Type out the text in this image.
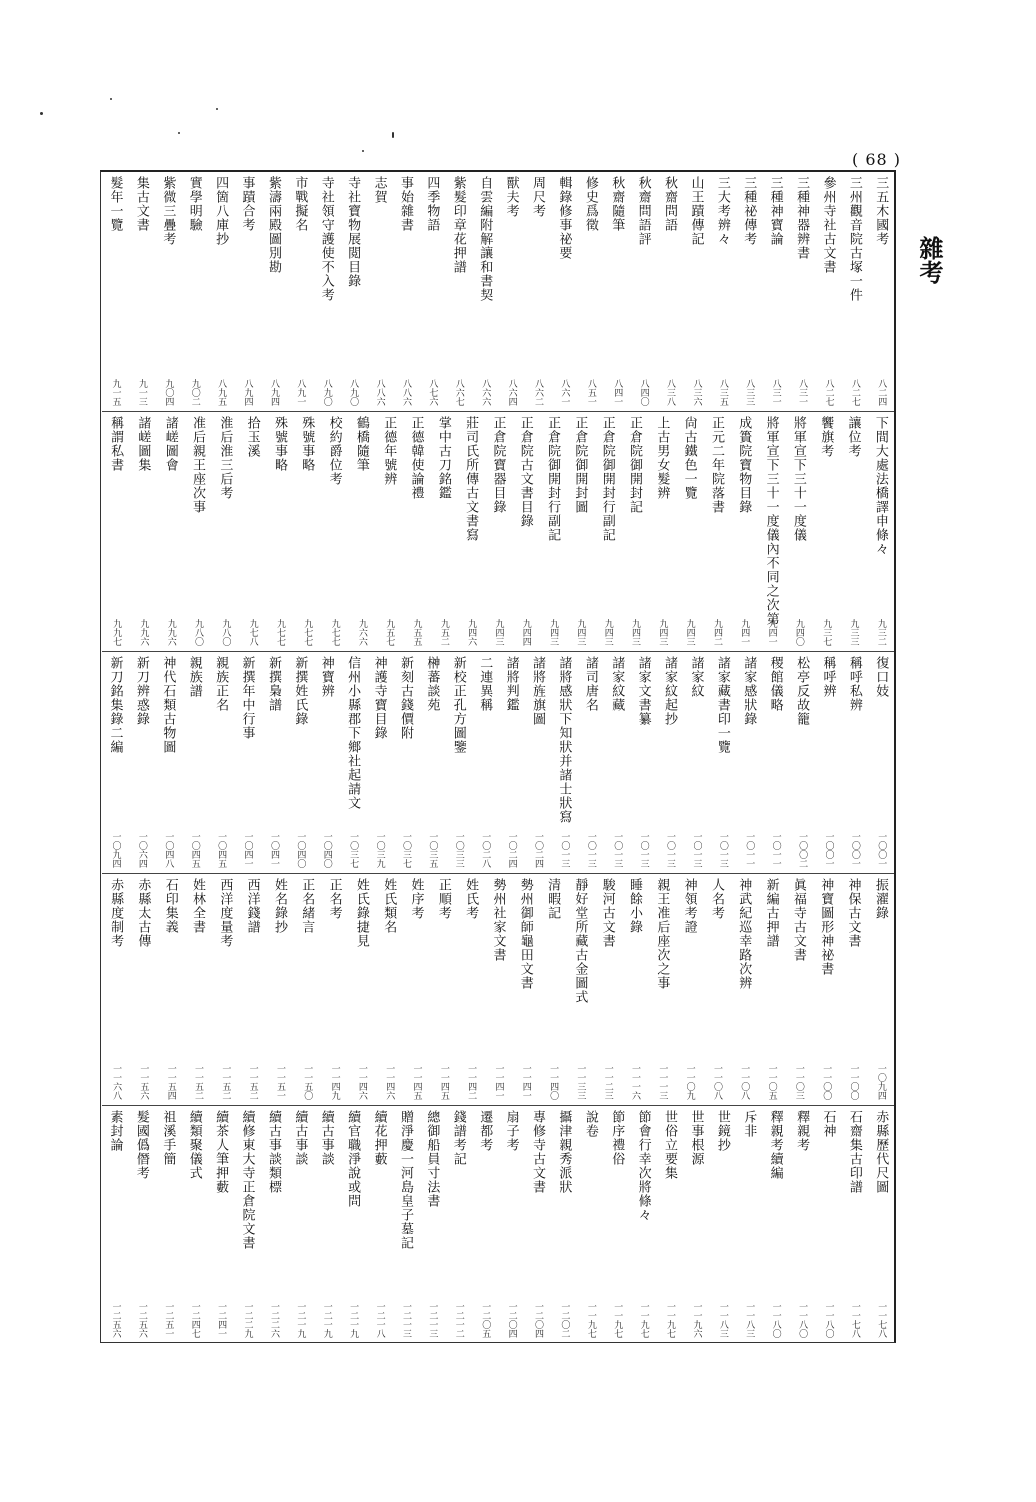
( 68 )
雜考
三五木國考
八二四
三州觀音院古塚一件
八二七
參州寺社古文書
八二七
三種神器辨書
八三一
三種神寶論
八三一
三種祕傳考
八三三
三大考辨々
八三五
山王蹟傳記
八三六
秋齋問語
八三八
秋齋問語評
八四〇
秋齋隨筆
八四一
修史爲徵
八五一
輯錄修事祕要
八六一
周尺考
八六二
獸夫考
八六四
自雲編附解讓和書契
八六六
紫髮印章花押譜
八六七
四季物語
八七六
事始雜書
八八六
志賀
八八六
寺社寶物展閲目錄
八九〇
寺社領守護使不入考
八九〇
市戰擬名
八九一
紫濤兩殿圖別勘
八九四
事蹟合考
八九四
四箇八庫抄
八九五
實學明驗
九〇二
紫微三疊考
九〇四
集古文書
九一三
髮年一覽
九一五
下間大處法橋譯申條々
九三二
讓位考
九三三
饗旗考
九三七
將軍宣下三十一度儀
九四〇
將軍宣下三十一度儀內不同之次第
九四一
成簣院寶物目錄
九四一
正元二年院落書
九四二
尙古鐵色一覽
九四三
上古男女髮辨
九四三
正倉院御開封記
九四三
正倉院御開封行副記
九四三
正倉院御開封圖
九四三
正倉院御開封行副記
九四三
正倉院古文書目錄
九四四
正倉院寶器目錄
九四三
莊司氏所傳古文書寫
九四六
掌中古刀銘鑑
九五二
正德韓使論禮
九五五
正德年號辨
九五七
鶴橋隨筆
九六六
校約爵位考
九七七
殊號事略
九七七
殊號事略
九七七
拾玉溪
九七八
淮后淮三后考
九八〇
准后親王座次事
九八〇
諸嵯圖會
九九六
諸嵯圖集
九九六
稱謂私書
九九七
復口妓
一〇〇一
稱呼私辨
一〇〇一
稱呼辨
一〇〇一
松亭反故籠
一〇〇二
稷館儀略
一〇一一
諸家感狀錄
一〇一一
諸家藏書印一覽
一〇一三
諸家紋
一〇一三
諸家紋起抄
一〇一三
諸家文書纂
一〇一三
諸家紋藏
一〇一三
諸司唐名
一〇一三
諸將感狀下知狀并諸士狀寫
一〇一三
諸將旌旗圖
一〇二四
諸將判鑑
一〇二四
二連異稱
一〇二八
新校正孔方圖鑒
一〇三三
榊蕃談苑
一〇三五
新刻古錢價附
一〇三七
神護寺寶目錄
一〇三九
信州小縣郡下鄉社起請文
一〇三七
神寶辨
一〇四〇
新撰姓氏錄
一〇四〇
新撰梟譜
一〇四一
新撰年中行事
一〇四一
親族正名
一〇四五
親族譜
一〇四五
神代石類古物圖
一〇四八
新刀辨惑錄
一〇六四
新刀銘集錄二編
一〇九四
振濯錄
一〇九四
神保古文書
一一〇〇
神寶圖形神祕書
一一〇〇
眞福寺古文書
一一〇三
新編古押譜
一一〇五
神武紀巡幸路次辨
一一〇八
人名考
一一〇八
神領考證
一一〇九
親王准后座次之事
一一一三
睡餘小錄
一一一六
駿河古文書
一一二三
靜好堂所藏古金圖式
一一三三
清暇記
一一四〇
勢州御師龜田文書
一一四一
勢州社家文書
一一四一
姓氏考
一一四二
正順考
一一四五
姓序考
一一四五
姓氏類名
一一四六
姓氏錄捷見
一一四六
正名考
一一四九
正名緒言
一一五〇
姓名錄抄
一一五一
西洋錢譜
一一五二
西洋度量考
一一五二
姓林全書
一一五二
石印集義
一一五四
赤縣太古傳
一一五六
赤縣度制考
一一六八
赤縣歷代尺圖
一一七八
石齋集古印譜
一一七八
石神
一一八〇
釋親考
一一八〇
釋親考續編
一一八〇
斥非
一一八三
世鏡抄
一一八三
世事根源
一一九六
世俗立要集
一一九七
節會行幸次將條々
一一九七
節序禮俗
一一九七
說卷
一一九七
攝津親秀派狀
一二〇二
專修寺古文書
一二〇四
扇子考
一二〇四
遷都考
一二〇五
錢譜考記
一二一二
總御船員寸法書
一二一三
贈淨慶一河島皇子墓記
一二一三
續花押藪
一二一八
續官職淨說或問
一二一九
續古事談
一二一九
續古事談
一二一九
續古事談類標
一二二六
續修東大寺正倉院文書
一二二九
續茶人筆押藪
一二四一
續類聚儀式
一二四七
祖溪手簡
一二五一
髮國僞僭考
一二五六
素封論
一二五六
